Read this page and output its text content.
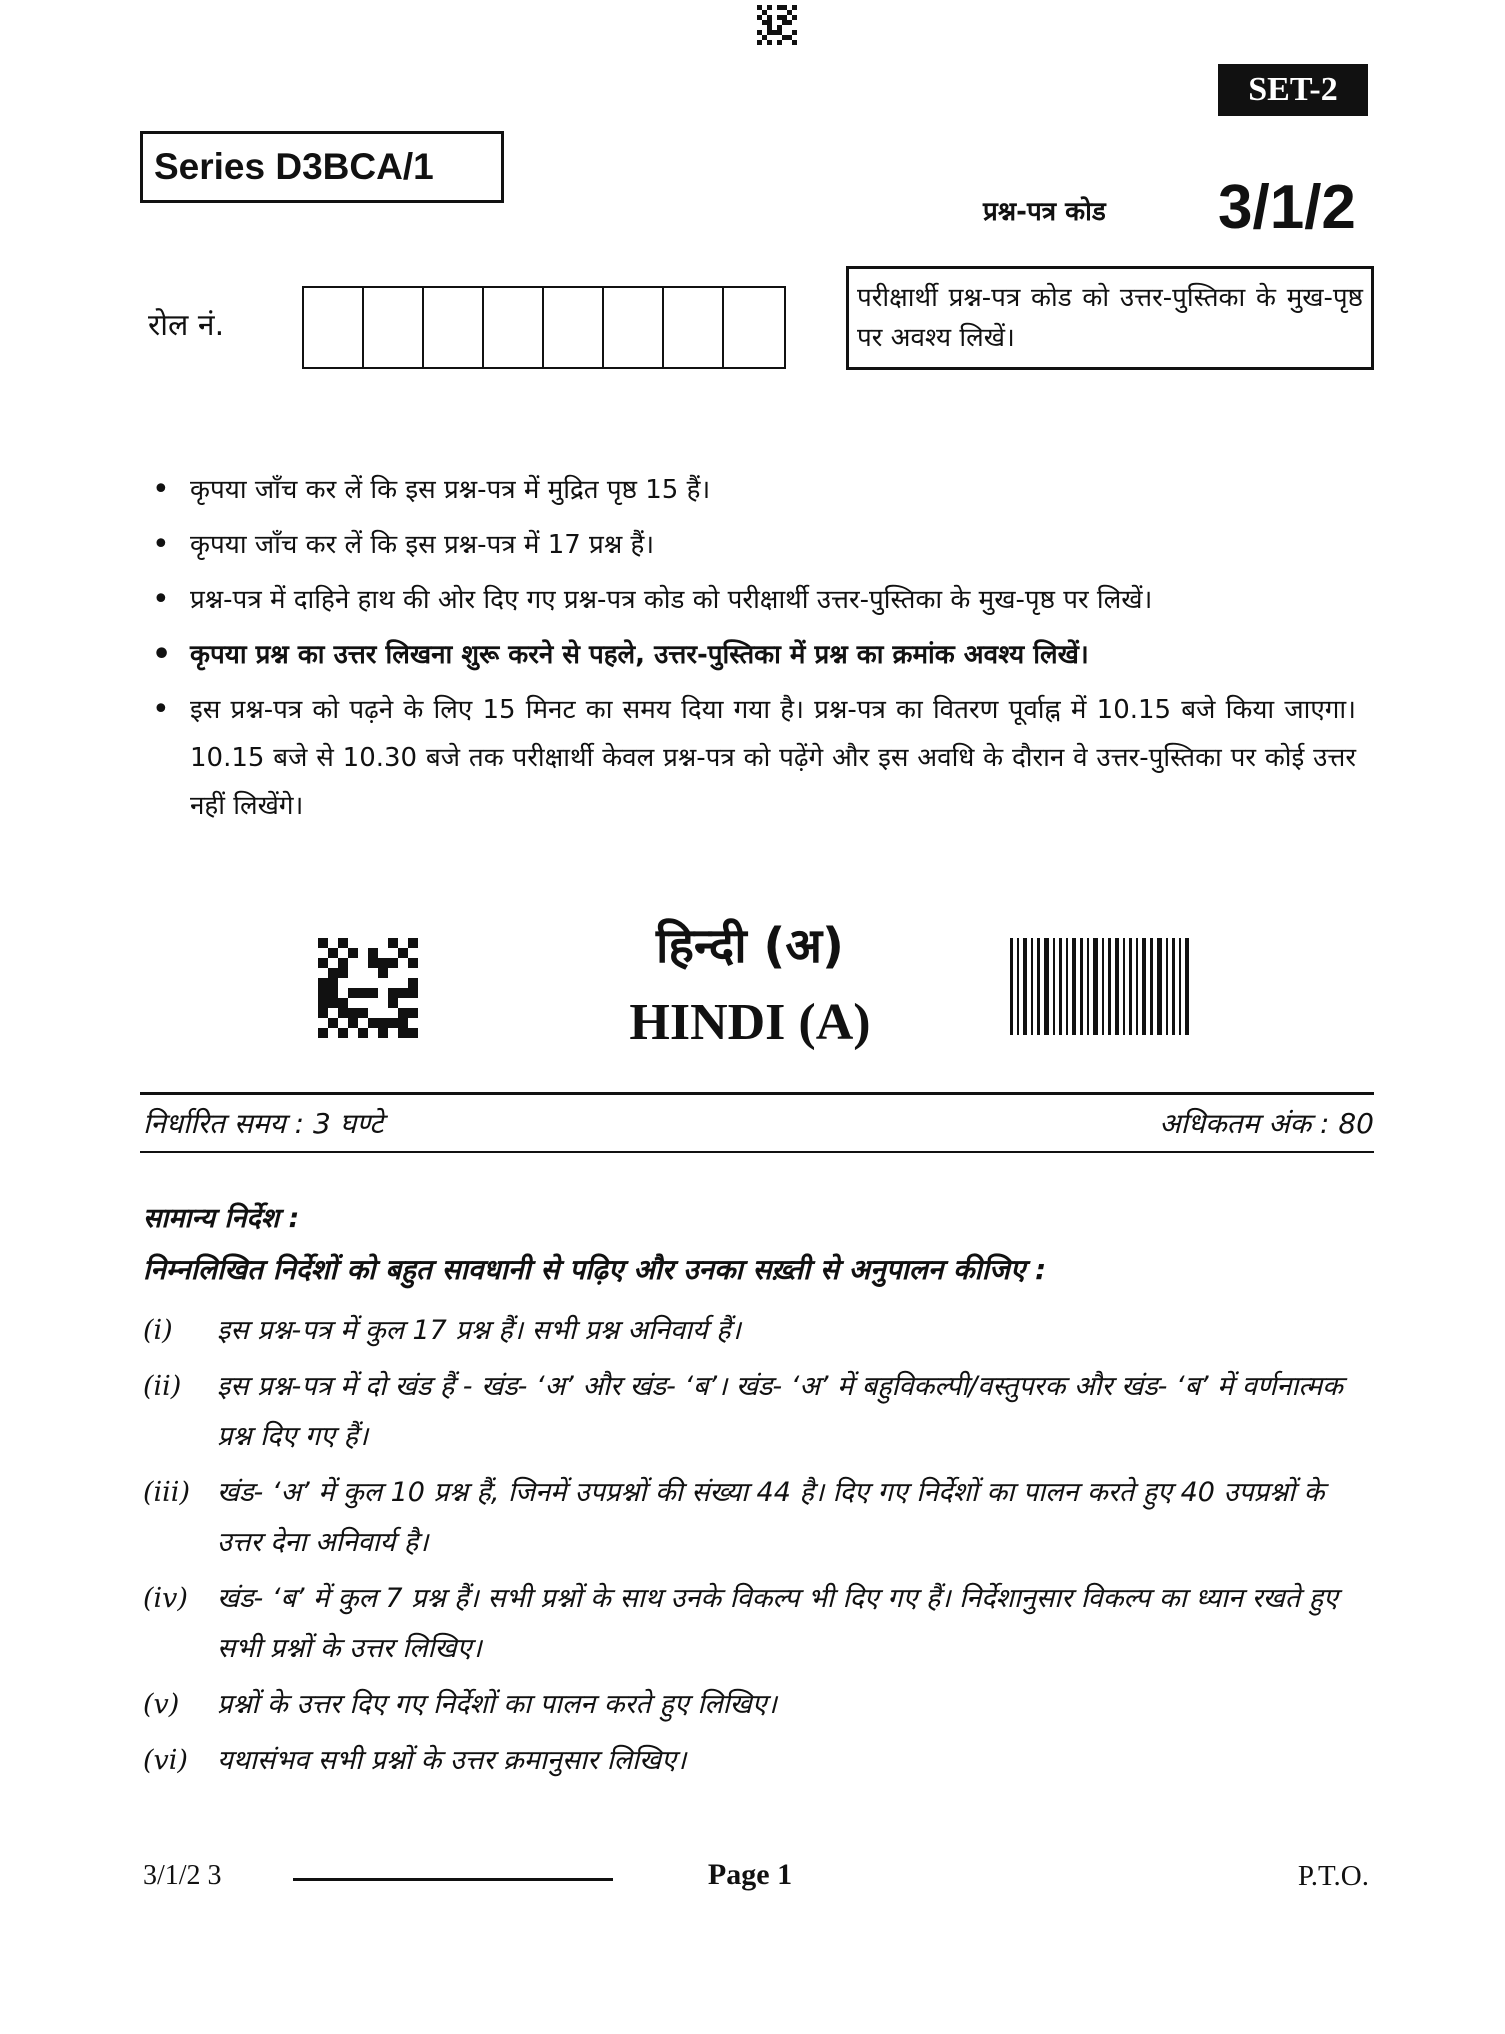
SET-2
Series D3BCA/1
प्रश्न-पत्र कोड 3/1/2
रोल नं.
परीक्षार्थी प्रश्न-पत्र कोड को उत्तर-पुस्तिका के मुख-पृष्ठ पर अवश्य लिखें।
• कृपया जाँच कर लें कि इस प्रश्न-पत्र में मुद्रित पृष्ठ 15 हैं।
• कृपया जाँच कर लें कि इस प्रश्न-पत्र में 17 प्रश्न हैं।
• प्रश्न-पत्र में दाहिने हाथ की ओर दिए गए प्रश्न-पत्र कोड को परीक्षार्थी उत्तर-पुस्तिका के मुख-पृष्ठ पर लिखें।
• कृपया प्रश्न का उत्तर लिखना शुरू करने से पहले, उत्तर-पुस्तिका में प्रश्न का क्रमांक अवश्य लिखें।
• इस प्रश्न-पत्र को पढ़ने के लिए 15 मिनट का समय दिया गया है। प्रश्न-पत्र का वितरण पूर्वाह्न में 10.15 बजे किया जाएगा। 10.15 बजे से 10.30 बजे तक परीक्षार्थी केवल प्रश्न-पत्र को पढ़ेंगे और इस अवधि के दौरान वे उत्तर-पुस्तिका पर कोई उत्तर नहीं लिखेंगे।
हिन्दी (अ)
HINDI (A)
निर्धारित समय : 3 घण्टे	अधिकतम अंक : 80
सामान्य निर्देश :
निम्नलिखित निर्देशों को बहुत सावधानी से पढ़िए और उनका सख़्ती से अनुपालन कीजिए :
(i)	इस प्रश्न-पत्र में कुल 17 प्रश्न हैं। सभी प्रश्न अनिवार्य हैं।
(ii)	इस प्रश्न-पत्र में दो खंड हैं - खंड- ‘अ’ और खंड- ‘ब’। खंड- ‘अ’ में बहुविकल्पी/वस्तुपरक और खंड- ‘ब’ में वर्णनात्मक प्रश्न दिए गए हैं।
(iii)	खंड- ‘अ’ में कुल 10 प्रश्न हैं, जिनमें उपप्रश्नों की संख्या 44 है। दिए गए निर्देशों का पालन करते हुए 40 उपप्रश्नों के उत्तर देना अनिवार्य है।
(iv)	खंड- ‘ब’ में कुल 7 प्रश्न हैं। सभी प्रश्नों के साथ उनके विकल्प भी दिए गए हैं। निर्देशानुसार विकल्प का ध्यान रखते हुए सभी प्रश्नों के उत्तर लिखिए।
(v)	प्रश्नों के उत्तर दिए गए निर्देशों का पालन करते हुए लिखिए।
(vi)	यथासंभव सभी प्रश्नों के उत्तर क्रमानुसार लिखिए।
3/1/2 3	Page 1	P.T.O.
